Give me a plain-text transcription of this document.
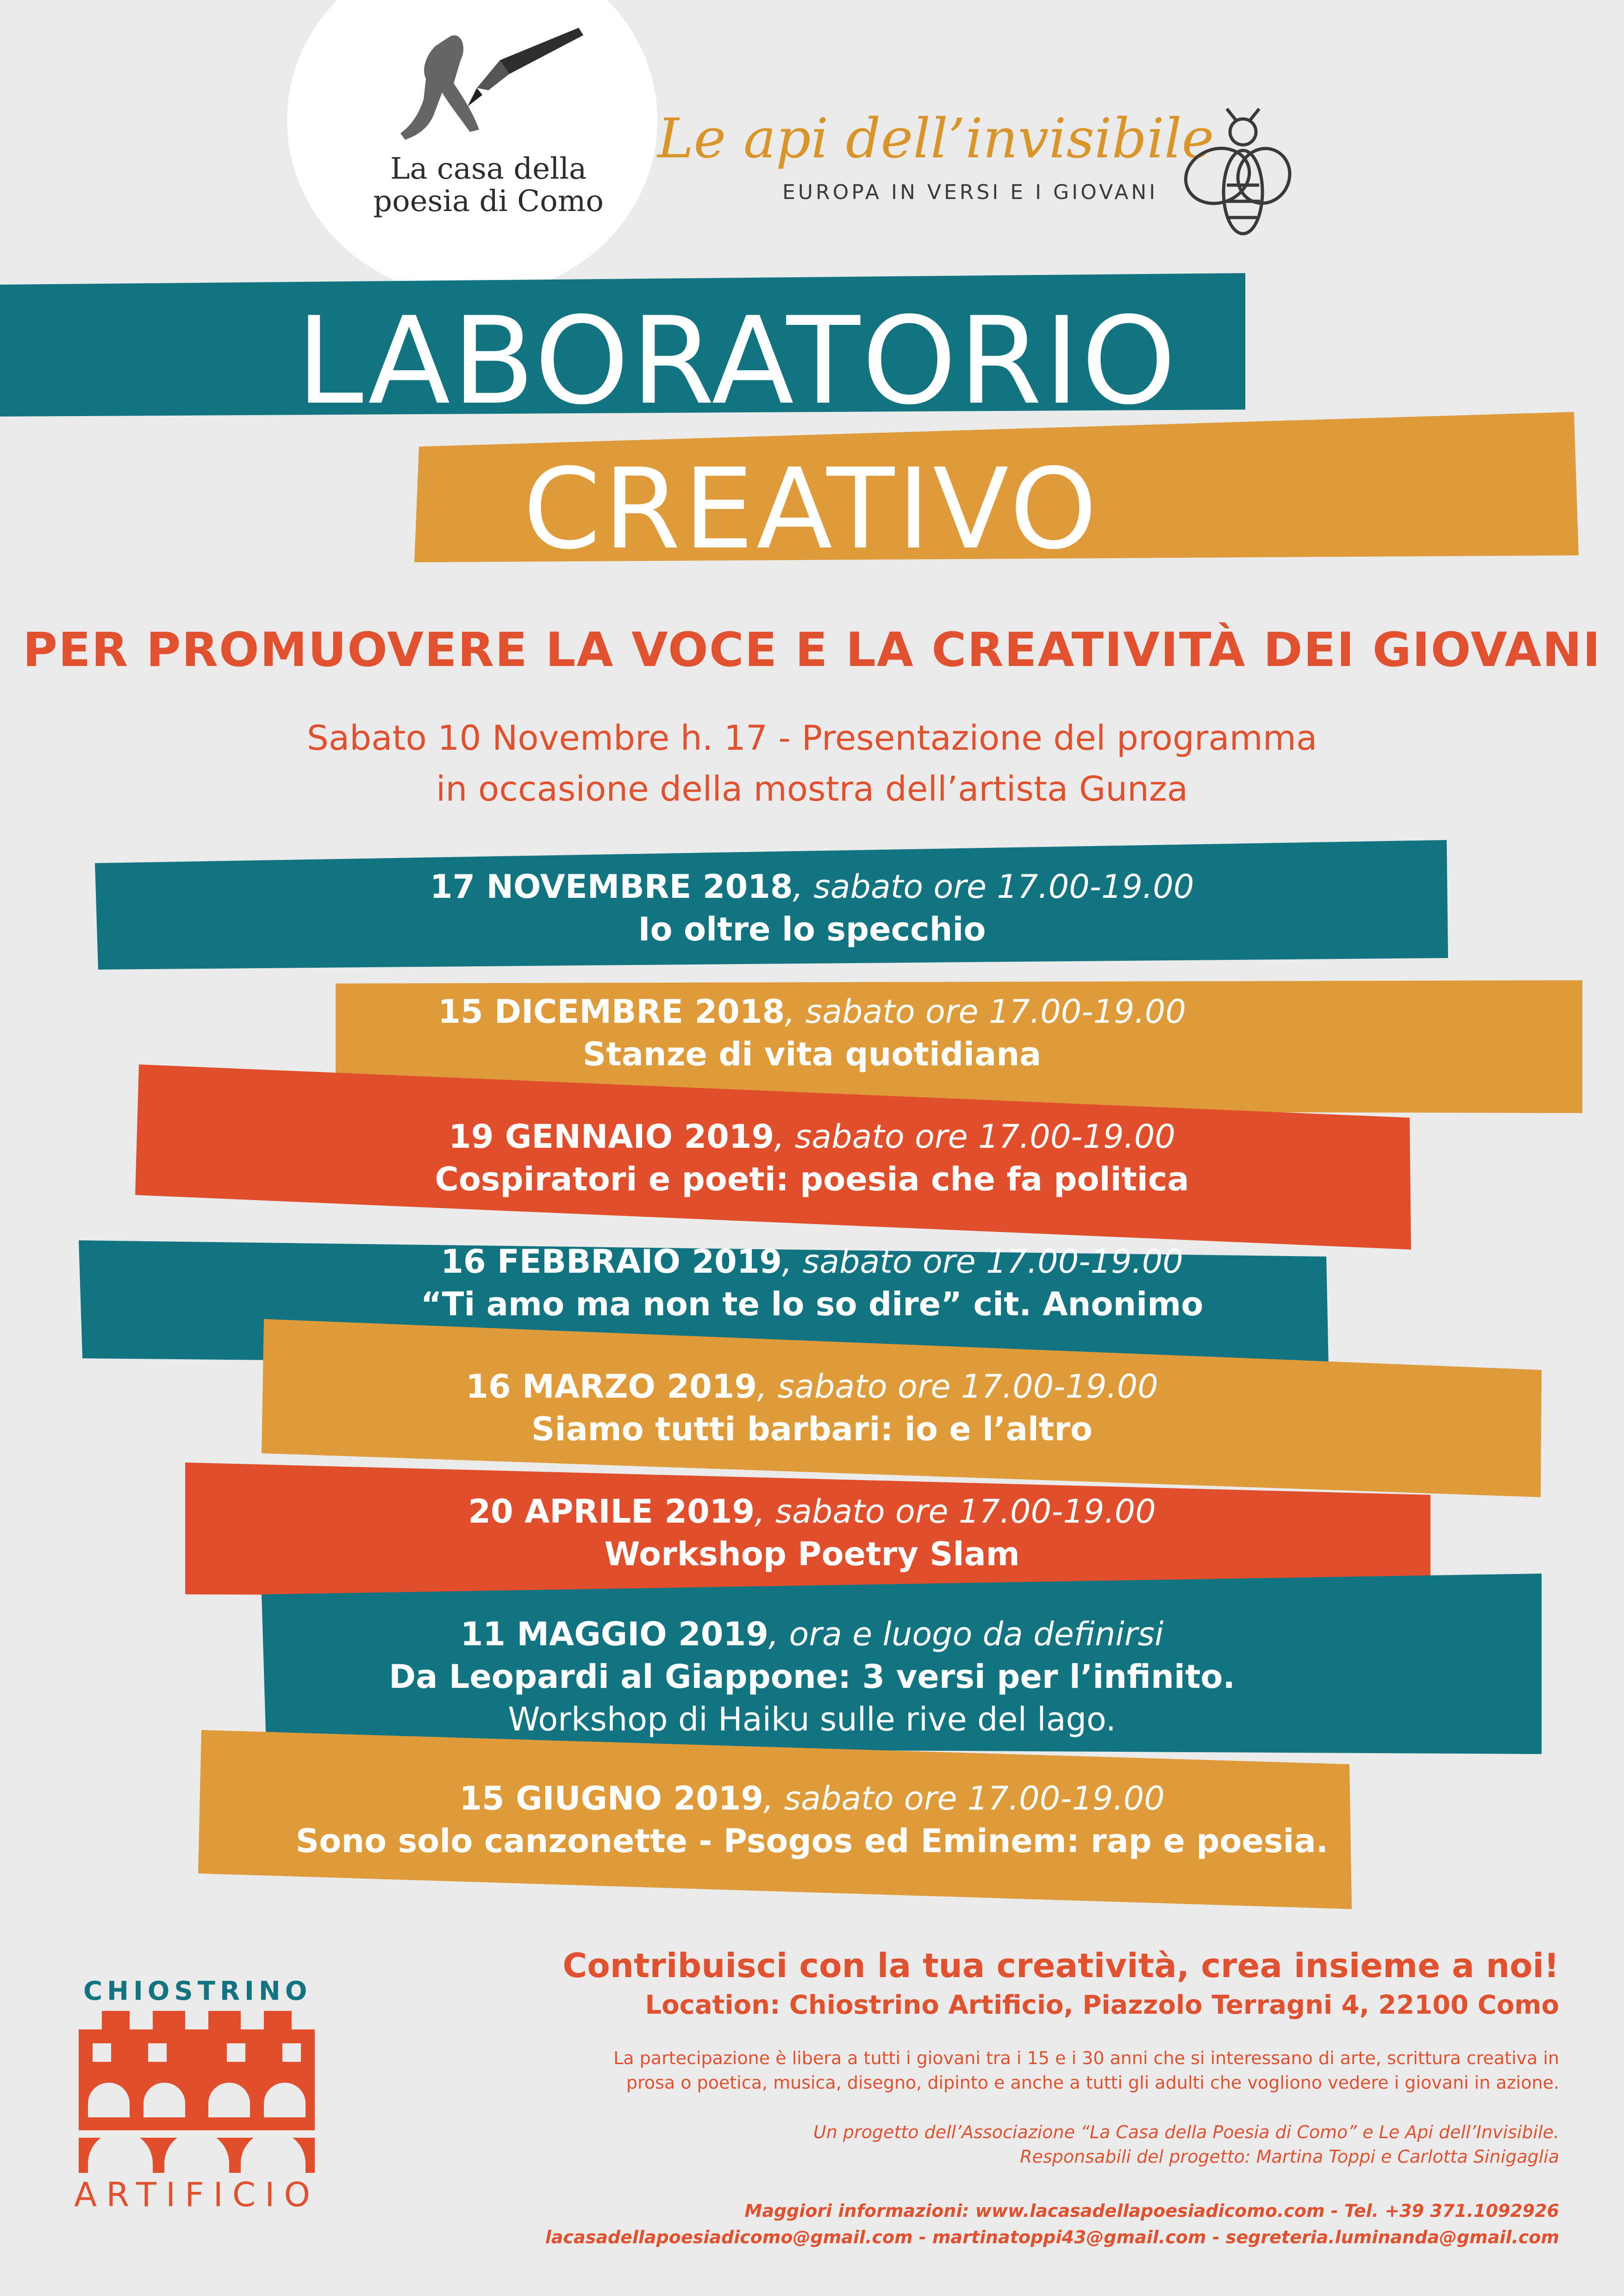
La casa della
poesia di Como
Le api dell’invisibile
EUROPA IN VERSI E I GIOVANI
LABORATORIO
CREATIVO
PER PROMUOVERE LA VOCE E LA CREATIVITÀ DEI GIOVANI
Sabato 10 Novembre h. 17 - Presentazione del programma
in occasione della mostra dell’artista Gunza
17 NOVEMBRE 2018, sabato ore 17.00-19.00
Io oltre lo specchio
15 DICEMBRE 2018, sabato ore 17.00-19.00
Stanze di vita quotidiana
19 GENNAIO 2019, sabato ore 17.00-19.00
Cospiratori e poeti: poesia che fa politica
16 FEBBRAIO 2019, sabato ore 17.00-19.00
“Ti amo ma non te lo so dire” cit. Anonimo
16 MARZO 2019, sabato ore 17.00-19.00
Siamo tutti barbari: io e l’altro
20 APRILE 2019, sabato ore 17.00-19.00
Workshop Poetry Slam
11 MAGGIO 2019, ora e luogo da definirsi
Da Leopardi al Giappone: 3 versi per l’infinito.
Workshop di Haiku sulle rive del lago.
15 GIUGNO 2019, sabato ore 17.00-19.00
Sono solo canzonette - Psogos ed Eminem: rap e poesia.
CHIOSTRINO
ARTIFICIO
Contribuisci con la tua creatività, crea insieme a noi!
Location: Chiostrino Artificio, Piazzolo Terragni 4, 22100 Como
La partecipazione è libera a tutti i giovani tra i 15 e i 30 anni che si interessano di arte, scrittura creativa in
prosa o poetica, musica, disegno, dipinto e anche a tutti gli adulti che vogliono vedere i giovani in azione.
Un progetto dell’Associazione “La Casa della Poesia di Como” e Le Api dell’Invisibile.
Responsabili del progetto: Martina Toppi e Carlotta Sinigaglia
Maggiori informazioni: www.lacasadellapoesiadicomo.com - Tel. +39 371.1092926
lacasadellapoesiadicomo@gmail.com - martinatoppi43@gmail.com - segreteria.luminanda@gmail.com
